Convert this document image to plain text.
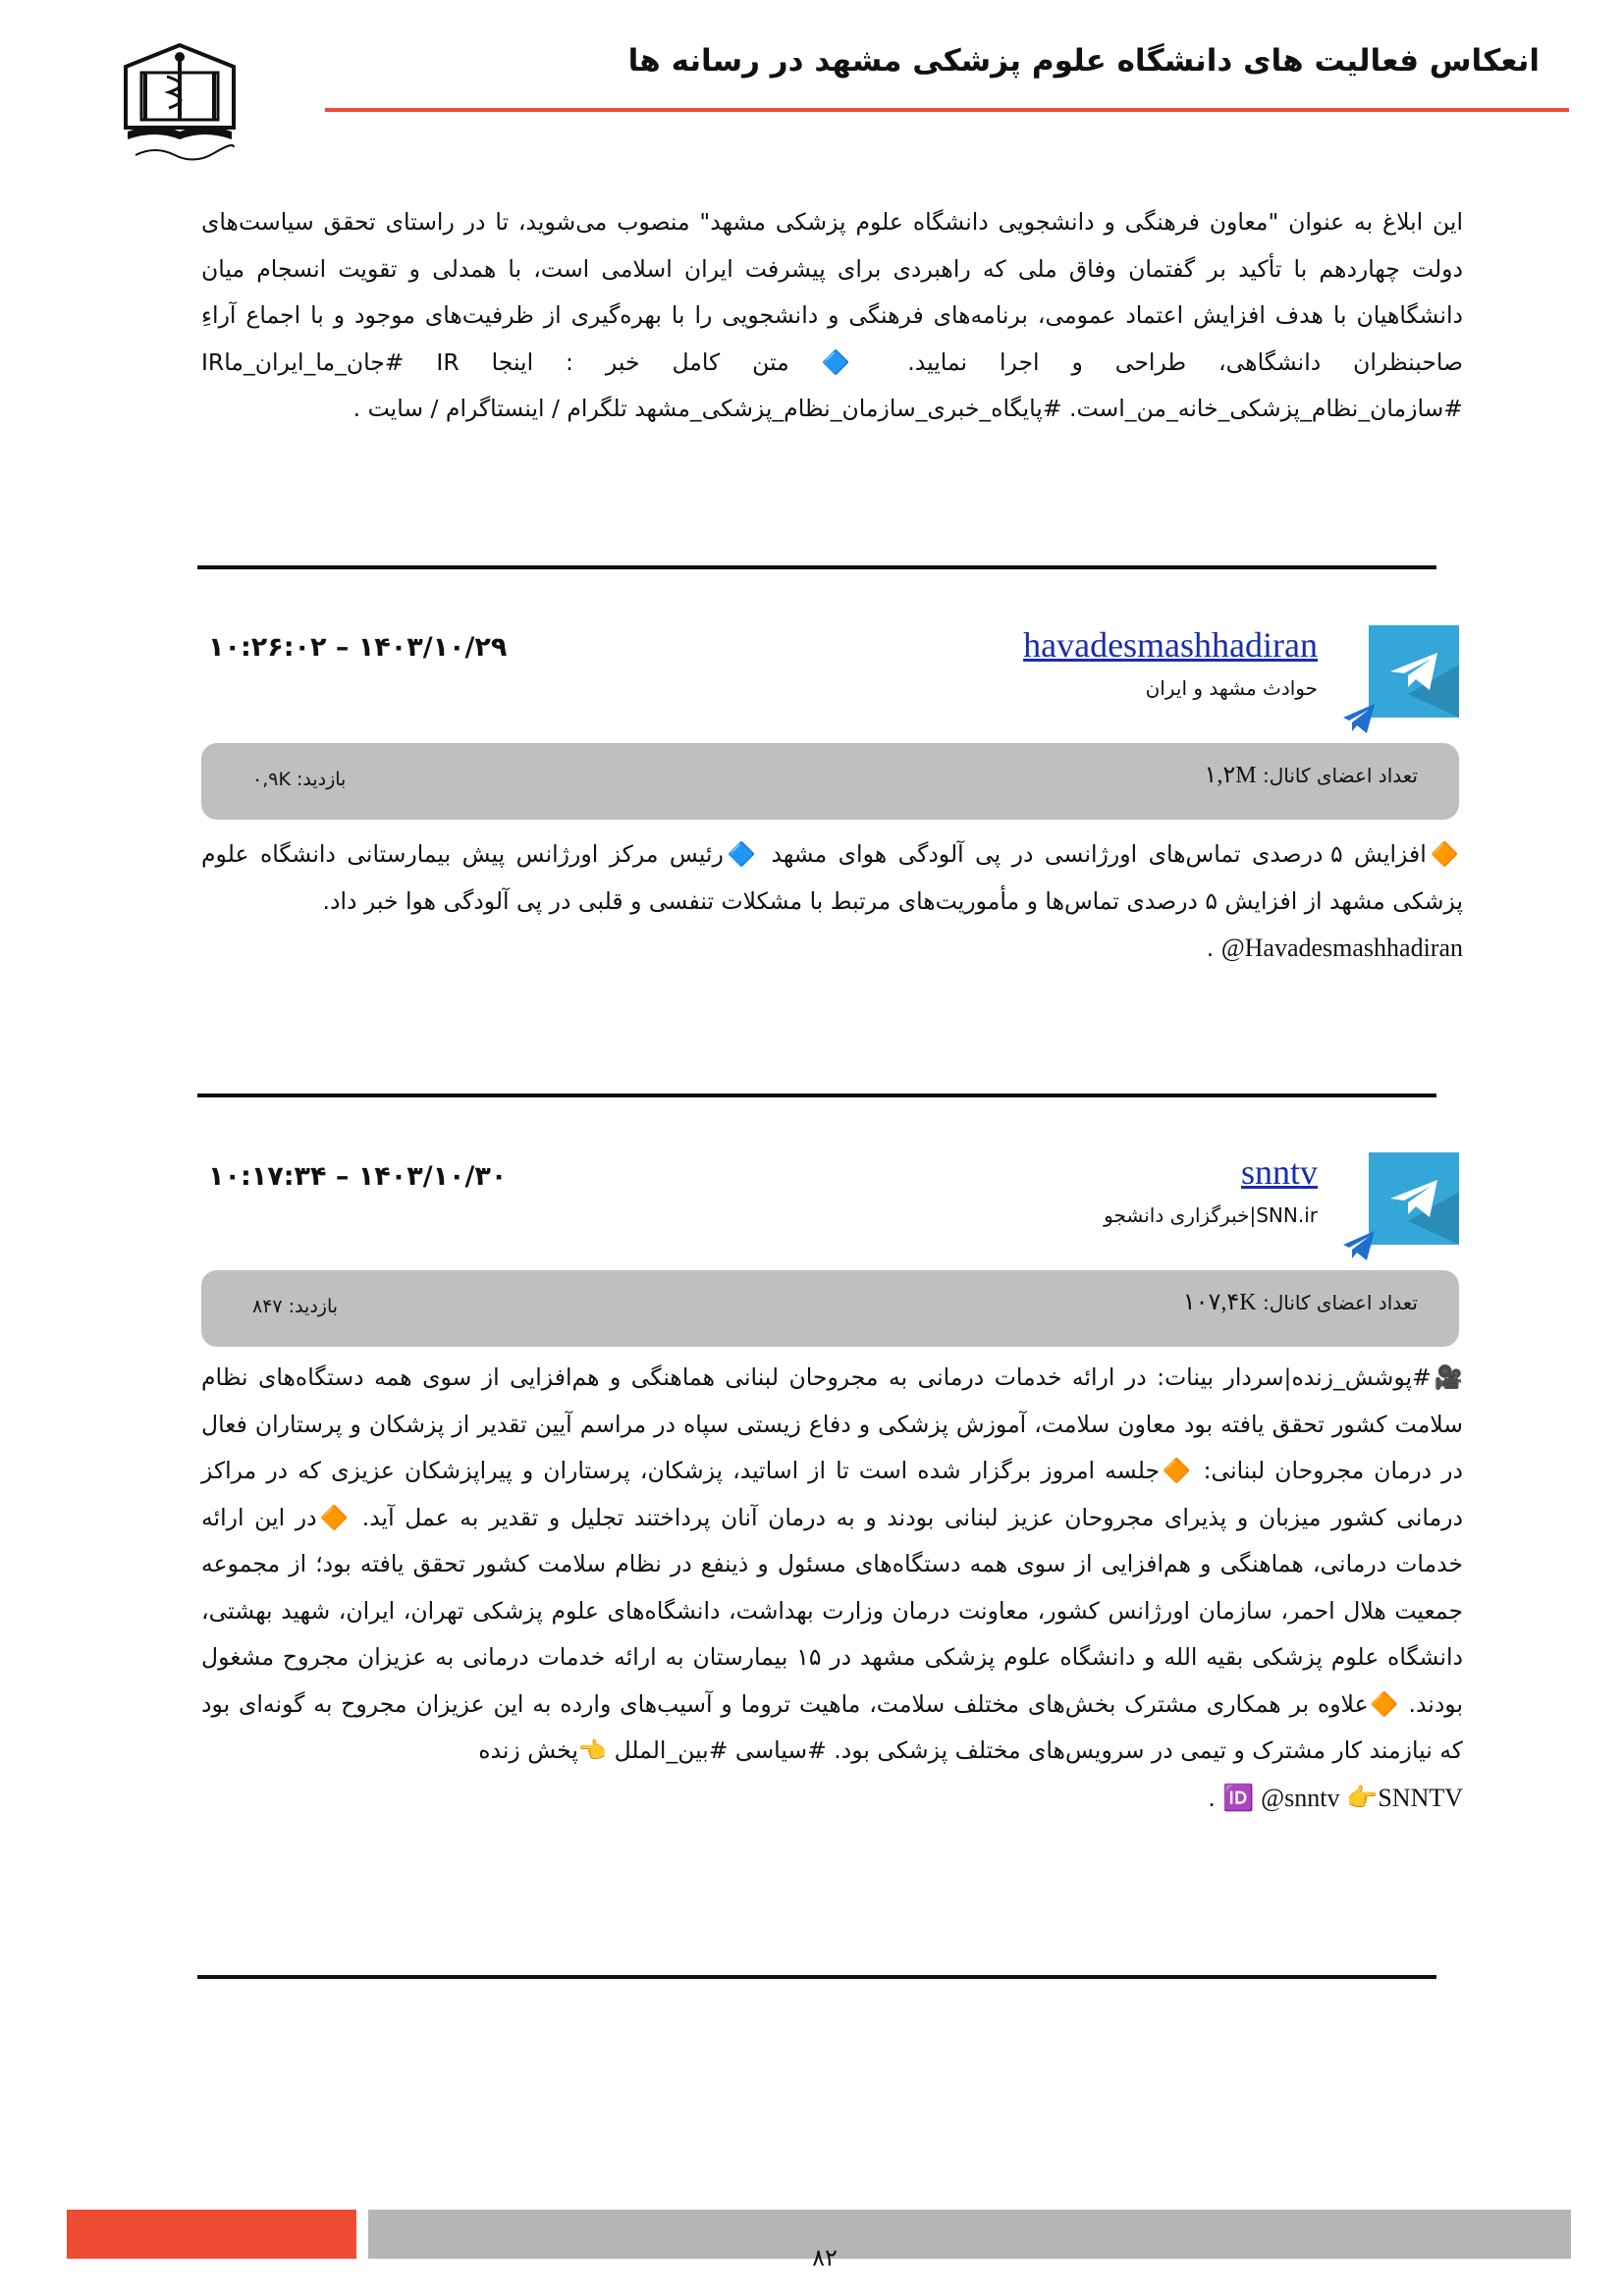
انعکاس فعالیت های دانشگاه علوم پزشکی مشهد در رسانه ها
این ابلاغ به عنوان "معاون فرهنگی و دانشجویی دانشگاه علوم پزشکی مشهد" منصوب می‌شوید، تا در راستای تحقق سیاست‌های دولت چهاردهم با تأکید بر گفتمان وفاق ملی که راهبردی برای پیشرفت ایران اسلامی است، با همدلی و تقویت انسجام میان دانشگاهیان با هدف افزایش اعتماد عمومی، برنامه‌های فرهنگی و دانشجویی را با بهره‌گیری از ظرفیت‌های موجود و با اجماع آراءِ صاحبنظران دانشگاهی، طراحی و اجرا نمایید. 🔷 متن کامل خبر : اینجا IR #جان_ما_ایران_ماIR #سازمان_نظام_پزشکی_خانه_من_است. #پایگاه_خبری_سازمان_نظام_پزشکی_مشهد تلگرام / اینستاگرام / سایت .
havadesmashhadiran
حوادث مشهد و ایران
۱۴۰۳/۱۰/۲۹ – ۱۰:۲۶:۰۲
تعداد اعضای کانال: ۱,۲M
بازدید: ۰,۹K
🔶افزایش ۵ درصدی تماس‌های اورژانسی در پی آلودگی هوای مشهد 🔷رئیس مرکز اورژانس پیش بیمارستانی دانشگاه علوم پزشکی مشهد از افزایش ۵ درصدی تماس‌ها و مأموریت‌های مرتبط با مشکلات تنفسی و قلبی در پی آلودگی هوا خبر داد.
Havadesmashhadiran@ .
snntv
SNN.ir|خبرگزاری دانشجو
۱۴۰۳/۱۰/۳۰ – ۱۰:۱۷:۳۴
تعداد اعضای کانال: ۱۰۷,۴K
بازدید: ۸۴۷
🎥#پوشش_زنده|سردار بینات: در ارائه خدمات درمانی به مجروحان لبنانی هماهنگی و هم‌افزایی از سوی همه دستگاه‌های نظام سلامت کشور تحقق یافته بود معاون سلامت، آموزش پزشکی و دفاع زیستی سپاه در مراسم آیین تقدیر از پزشکان و پرستاران فعال در درمان مجروحان لبنانی: 🔶جلسه امروز برگزار شده است تا از اساتید، پزشکان، پرستاران و پیراپزشکان عزیزی که در مراکز درمانی کشور میزبان و پذیرای مجروحان عزیز لبنانی بودند و به درمان آنان پرداختند تجلیل و تقدیر به عمل آید. 🔶در این ارائه خدمات درمانی، هماهنگی و هم‌افزایی از سوی همه دستگاه‌های مسئول و ذینفع در نظام سلامت کشور تحقق یافته بود؛ از مجموعه جمعیت هلال احمر، سازمان اورژانس کشور، معاونت درمان وزارت بهداشت، دانشگاه‌های علوم پزشکی تهران، ایران، شهید بهشتی، دانشگاه علوم پزشکی بقیه الله و دانشگاه علوم پزشکی مشهد در ۱۵ بیمارستان به ارائه خدمات درمانی به عزیزان مجروح مشغول بودند. 🔶علاوه بر همکاری مشترک بخش‌های مختلف سلامت، ماهیت تروما و آسیب‌های وارده به این عزیزان مجروح به گونه‌ای بود که نیازمند کار مشترک و تیمی در سرویس‌های مختلف پزشکی بود. #سیاسی #بین_الملل 👈پخش زنده
🆔 @snntv 👉SNNTV .
۸۲
